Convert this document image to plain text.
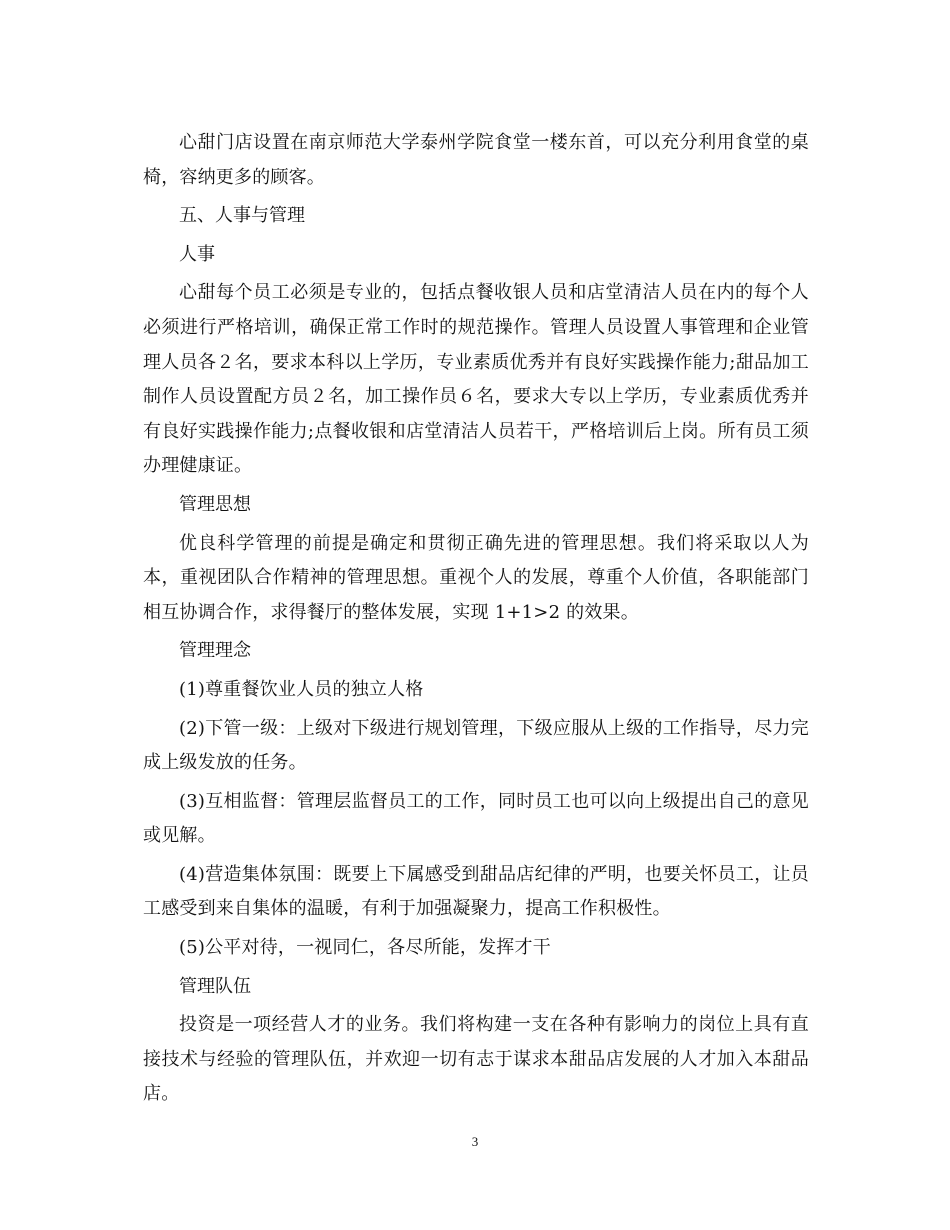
心甜门店设置在南京师范大学泰州学院食堂一楼东首，可以充分利用食堂的桌椅，容纳更多的顾客。

五、人事与管理

人事

心甜每个员工必须是专业的，包括点餐收银人员和店堂清洁人员在内的每个人必须进行严格培训，确保正常工作时的规范操作。管理人员设置人事管理和企业管理人员各２名，要求本科以上学历，专业素质优秀并有良好实践操作能力;甜品加工制作人员设置配方员２名，加工操作员６名，要求大专以上学历，专业素质优秀并有良好实践操作能力;点餐收银和店堂清洁人员若干，严格培训后上岗。所有员工须办理健康证。

管理思想

优良科学管理的前提是确定和贯彻正确先进的管理思想。我们将采取以人为本，重视团队合作精神的管理思想。重视个人的发展，尊重个人价值，各职能部门相互协调合作，求得餐厅的整体发展，实现 1+1>2 的效果。

管理理念

(1)尊重餐饮业人员的独立人格

(2)下管一级：上级对下级进行规划管理，下级应服从上级的工作指导，尽力完成上级发放的任务。

(3)互相监督：管理层监督员工的工作，同时员工也可以向上级提出自己的意见或见解。

(4)营造集体氛围：既要上下属感受到甜品店纪律的严明，也要关怀员工，让员工感受到来自集体的温暖，有利于加强凝聚力，提高工作积极性。

(5)公平对待，一视同仁，各尽所能，发挥才干

管理队伍

投资是一项经营人才的业务。我们将构建一支在各种有影响力的岗位上具有直接技术与经验的管理队伍，并欢迎一切有志于谋求本甜品店发展的人才加入本甜品店。

3
